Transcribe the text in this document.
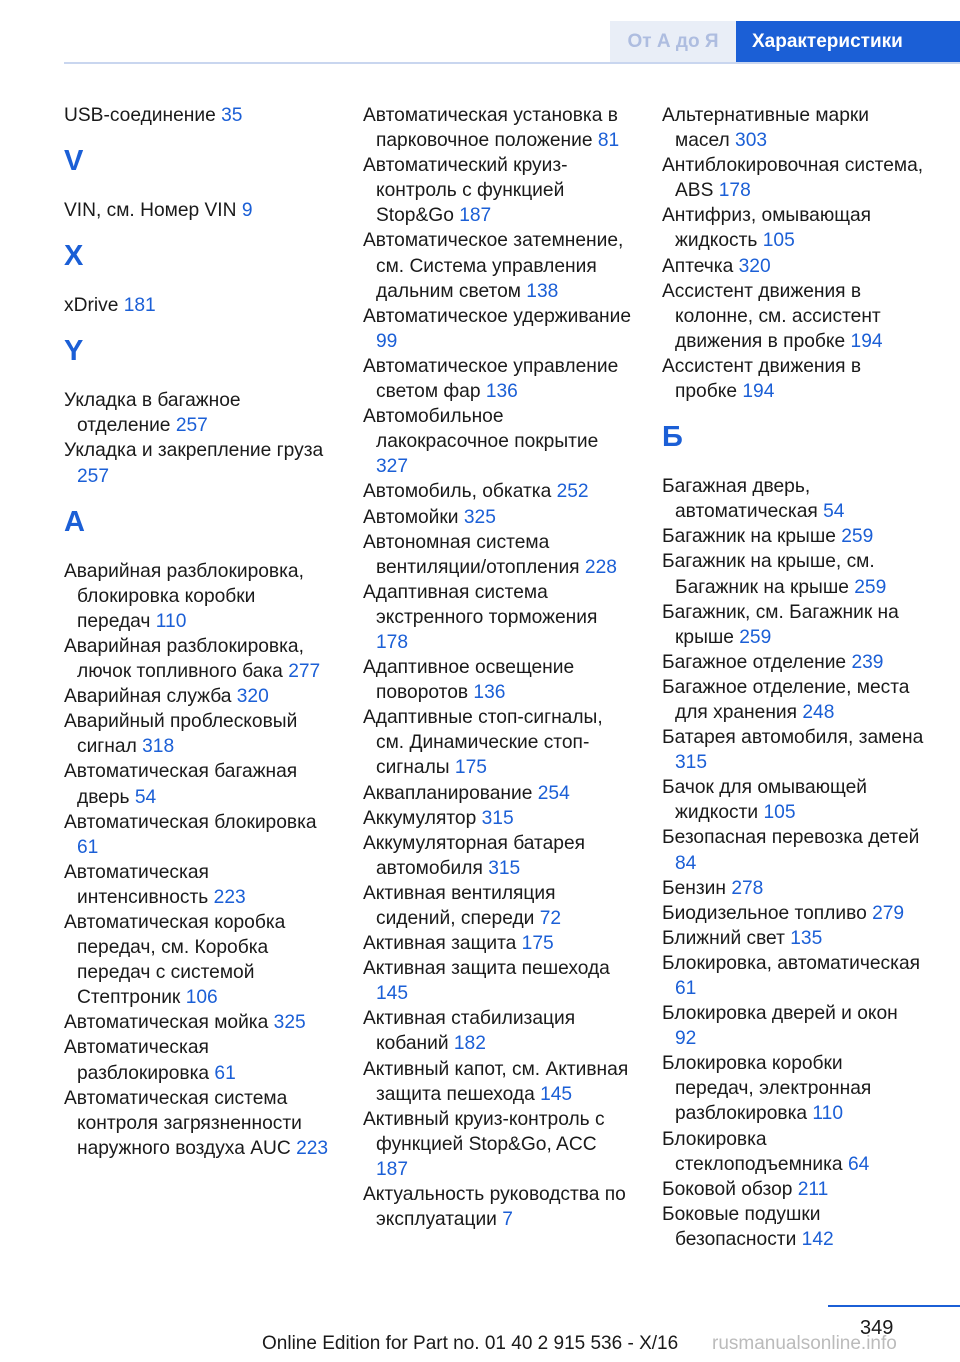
От А до Я	Характеристики
USB-соединение 35
V
VIN, см. Номер VIN 9
X
xDrive 181
Y
Укладка в багажное отделение 257
Укладка и закрепление груза 257
А
Аварийная разблокировка, блокировка коробки передач 110
Аварийная разблокировка, лючок топливного бака 277
Аварийная служба 320
Аварийный проблесковый сигнал 318
Автоматическая багажная дверь 54
Автоматическая блокировка 61
Автоматическая интенсивность 223
Автоматическая коробка передач, см. Коробка передач с системой Стептроник 106
Автоматическая мойка 325
Автоматическая разблокировка 61
Автоматическая система контроля загрязненности наружного воздуха AUC 223
Автоматическая установка в парковочное положение 81
Автоматический круиз-контроль с функцией Stop&Go 187
Автоматическое затемнение, см. Система управления дальним светом 138
Автоматическое удерживание 99
Автоматическое управление светом фар 136
Автомобильное лакокрасочное покрытие 327
Автомобиль, обкатка 252
Автомойки 325
Автономная система вентиляции/отопления 228
Адаптивная система экстренного торможения 178
Адаптивное освещение поворотов 136
Адаптивные стоп-сигналы, см. Динамические стоп-сигналы 175
Аквапланирование 254
Аккумулятор 315
Аккумуляторная батарея автомобиля 315
Активная вентиляция сидений, спереди 72
Активная защита 175
Активная защита пешехода 145
Активная стабилизация кобаний 182
Активный капот, см. Активная защита пешехода 145
Активный круиз-контроль с функцией Stop&Go, ACC 187
Актуальность руководства по эксплуатации 7
Альтернативные марки масел 303
Антиблокировочная система, ABS 178
Антифриз, омывающая жидкость 105
Аптечка 320
Ассистент движения в колонне, см. ассистент движения в пробке 194
Ассистент движения в пробке 194
Б
Багажная дверь, автоматическая 54
Багажник на крыше 259
Багажник на крыше, см. Багажник на крыше 259
Багажник, см. Багажник на крыше 259
Багажное отделение 239
Багажное отделение, места для хранения 248
Батарея автомобиля, замена 315
Бачок для омывающей жидкости 105
Безопасная перевозка детей 84
Бензин 278
Биодизельное топливо 279
Ближний свет 135
Блокировка, автоматическая 61
Блокировка дверей и окон 92
Блокировка коробки передач, электронная разблокировка 110
Блокировка стеклоподъемника 64
Боковой обзор 211
Боковые подушки безопасности 142
349
Online Edition for Part no. 01 40 2 915 536 - X/16 rusmanualsonline.info
